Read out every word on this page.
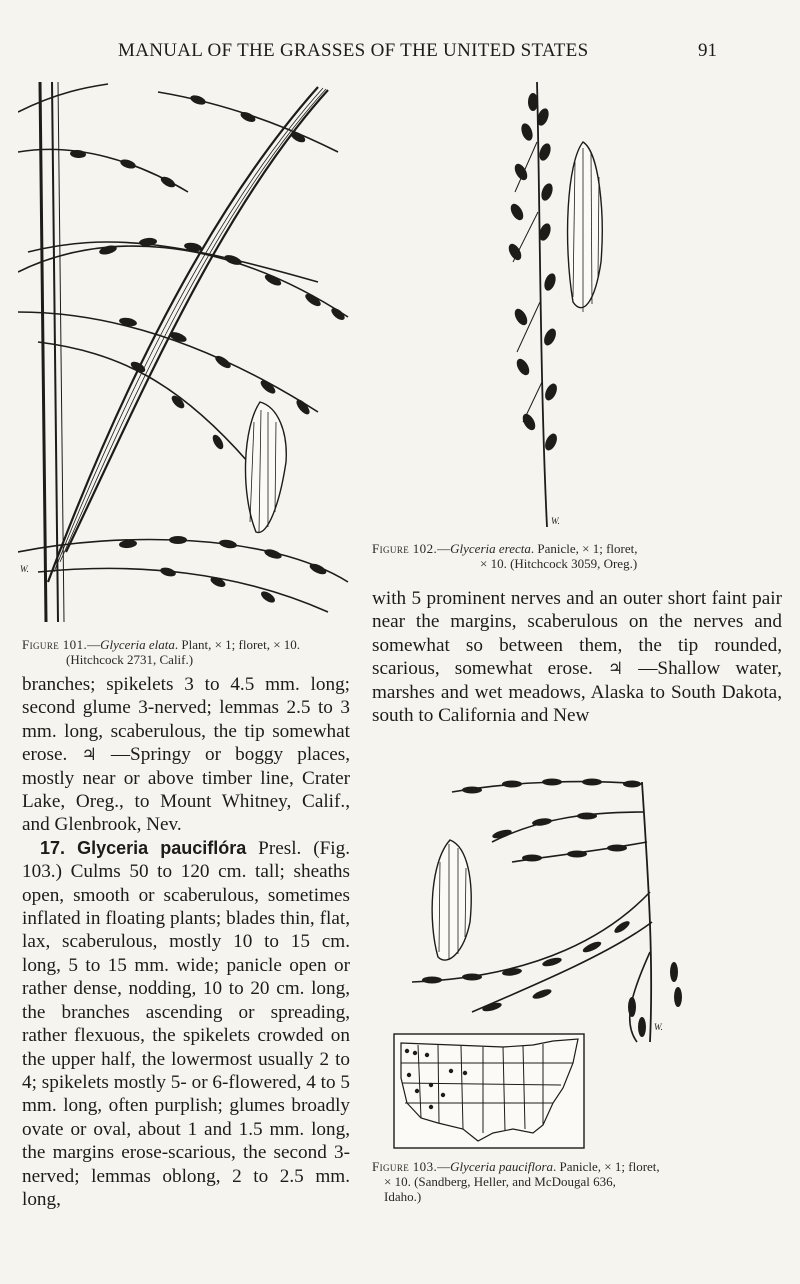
MANUAL OF THE GRASSES OF THE UNITED STATES	91
W.
Figure 101.—Glyceria elata. Plant, × 1; floret, × 10.
(Hitchcock 2731, Calif.)
W.
Figure 102.—Glyceria erecta. Panicle, × 1; floret,
× 10. (Hitchcock 3059, Oreg.)

branches; spikelets 3 to 4.5 mm. long; second glume 3-nerved; lemmas 2.5 to 3 mm. long, scaberulous, the tip somewhat erose. ♃ —Springy or boggy places, mostly near or above timber line, Crater Lake, Oreg., to Mount Whitney, Calif., and Glenbrook, Nev.

17. Glyceria pauciflóra Presl. (Fig. 103.) Culms 50 to 120 cm. tall; sheaths open, smooth or scaberulous, sometimes inflated in floating plants; blades thin, flat, lax, scaberulous, mostly 10 to 15 cm. long, 5 to 15 mm. wide; panicle open or rather dense, nodding, 10 to 20 cm. long, the branches ascending or spreading, rather flexuous, the spikelets crowded on the upper half, the lowermost usually 2 to 4; spikelets mostly 5- or 6-flowered, 4 to 5 mm. long, often purplish; glumes broadly ovate or oval, about 1 and 1.5 mm. long, the margins erose-scarious, the second 3-nerved; lemmas oblong, 2 to 2.5 mm. long,

with 5 prominent nerves and an outer short faint pair near the margins, scaberulous on the nerves and somewhat so between them, the tip rounded, scarious, somewhat erose. ♃ —Shallow water, marshes and wet meadows, Alaska to South Dakota, south to California and New

W.
Figure 103.—Glyceria pauciflora. Panicle, × 1; floret,
× 10. (Sandberg, Heller, and McDougal 636,
Idaho.)
